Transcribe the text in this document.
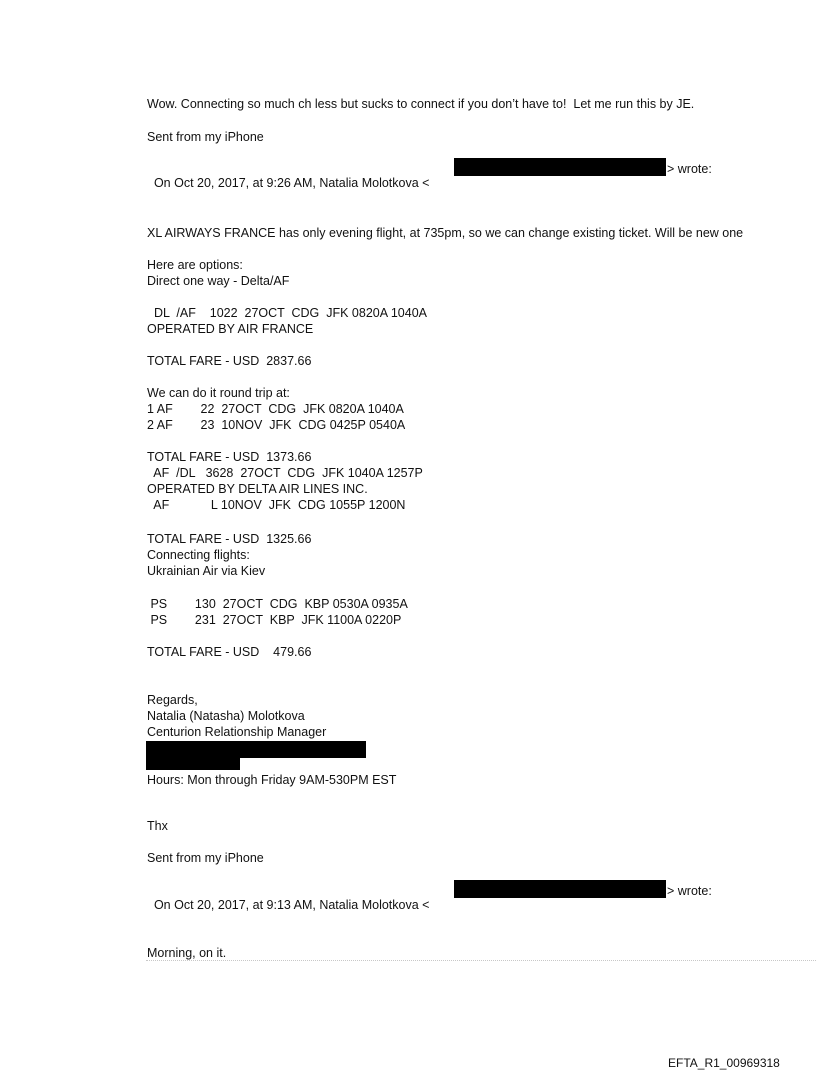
Wow. Connecting so much ch less but sucks to connect if you don’t have to!  Let me run this by JE.
Sent from my iPhone

On Oct 20, 2017, at 9:26 AM, Natalia Molotkova <

> wrote:
XL AIRWAYS FRANCE has only evening flight, at 735pm, so we can change existing ticket. Will be new one
Here are options:
Direct one way - Delta/AF
DL  /AF    1022  27OCT  CDG  JFK 0820A 1040A
OPERATED BY AIR FRANCE
TOTAL FARE - USD  2837.66
We can do it round trip at:
1 AF        22  27OCT  CDG  JFK 0820A 1040A
2 AF        23  10NOV  JFK  CDG 0425P 0540A
TOTAL FARE - USD  1373.66
AF  /DL   3628  27OCT  CDG  JFK 1040A 1257P
OPERATED BY DELTA AIR LINES INC.
AF            L 10NOV  JFK  CDG 1055P 1200N
TOTAL FARE - USD  1325.66
Connecting flights:
Ukrainian Air via Kiev
PS        130  27OCT  CDG  KBP 0530A 0935A
PS        231  27OCT  KBP  JFK 1100A 0220P
TOTAL FARE - USD    479.66
Regards,
Natalia (Natasha) Molotkova
Centurion Relationship Manager
Hours: Mon through Friday 9AM-530PM EST
Thx
Sent from my iPhone

On Oct 20, 2017, at 9:13 AM, Natalia Molotkova <

> wrote:
Morning, on it.
EFTA_R1_00969318
